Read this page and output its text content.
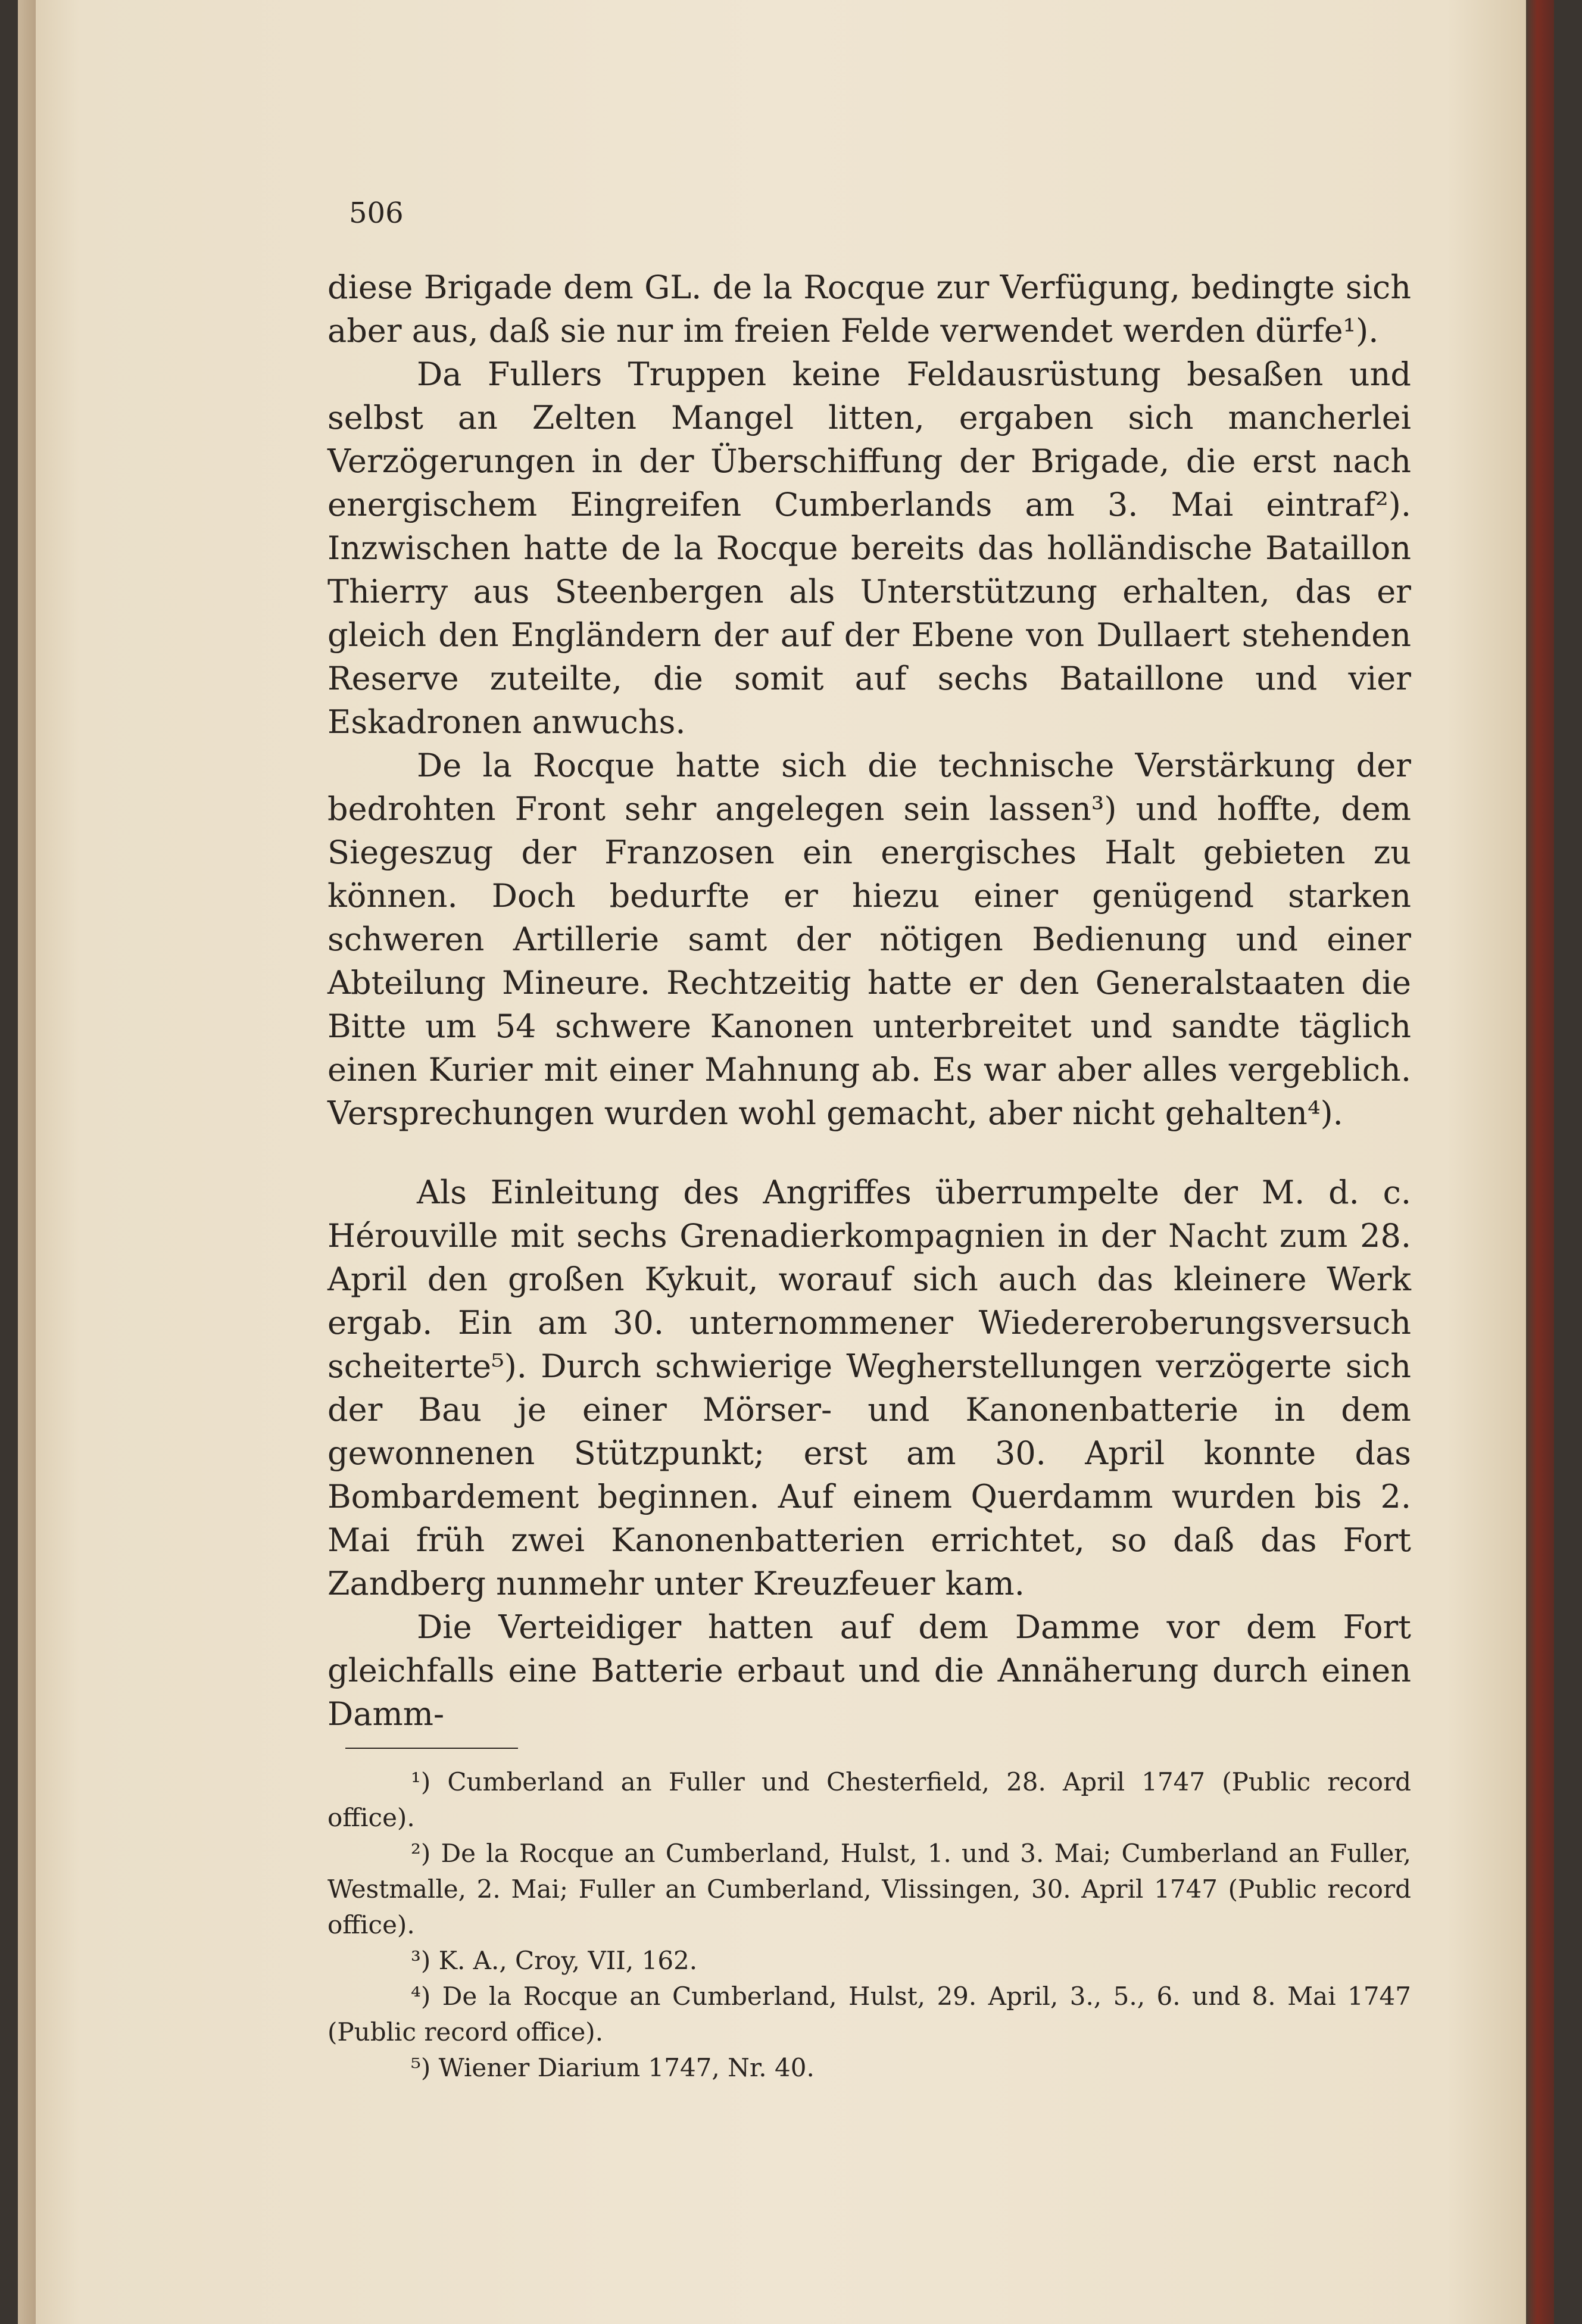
506

diese Brigade dem GL. de la Rocque zur Verfügung, bedingte sich aber aus, daß sie nur im freien Felde verwendet werden dürfe¹).

Da Fullers Truppen keine Feldausrüstung besaßen und selbst an Zelten Mangel litten, ergaben sich mancherlei Verzögerungen in der Überschiffung der Brigade, die erst nach energischem Eingreifen Cumberlands am 3. Mai eintraf²). Inzwischen hatte de la Rocque bereits das holländische Bataillon Thierry aus Steenbergen als Unterstützung erhalten, das er gleich den Engländern der auf der Ebene von Dullaert stehenden Reserve zuteilte, die somit auf sechs Bataillone und vier Eskadronen anwuchs.

De la Rocque hatte sich die technische Verstärkung der bedrohten Front sehr angelegen sein lassen³) und hoffte, dem Siegeszug der Franzosen ein energisches Halt gebieten zu können. Doch bedurfte er hiezu einer genügend starken schweren Artillerie samt der nötigen Bedienung und einer Abteilung Mineure. Rechtzeitig hatte er den Generalstaaten die Bitte um 54 schwere Kanonen unterbreitet und sandte täglich einen Kurier mit einer Mahnung ab. Es war aber alles vergeblich. Versprechungen wurden wohl gemacht, aber nicht gehalten⁴).

Als Einleitung des Angriffes überrumpelte der M. d. c. Hérouville mit sechs Grenadierkompagnien in der Nacht zum 28. April den großen Kykuit, worauf sich auch das kleinere Werk ergab. Ein am 30. unternommener Wiedereroberungsversuch scheiterte⁵). Durch schwierige Wegherstellungen verzögerte sich der Bau je einer Mörser- und Kanonenbatterie in dem gewonnenen Stützpunkt; erst am 30. April konnte das Bombardement beginnen. Auf einem Querdamm wurden bis 2. Mai früh zwei Kanonenbatterien errichtet, so daß das Fort Zandberg nunmehr unter Kreuzfeuer kam.

Die Verteidiger hatten auf dem Damme vor dem Fort gleichfalls eine Batterie erbaut und die Annäherung durch einen Damm-

¹) Cumberland an Fuller und Chesterfield, 28. April 1747 (Public record office).

²) De la Rocque an Cumberland, Hulst, 1. und 3. Mai; Cumberland an Fuller, Westmalle, 2. Mai; Fuller an Cumberland, Vlissingen, 30. April 1747 (Public record office).

³) K. A., Croy, VII, 162.

⁴) De la Rocque an Cumberland, Hulst, 29. April, 3., 5., 6. und 8. Mai 1747 (Public record office).

⁵) Wiener Diarium 1747, Nr. 40.
